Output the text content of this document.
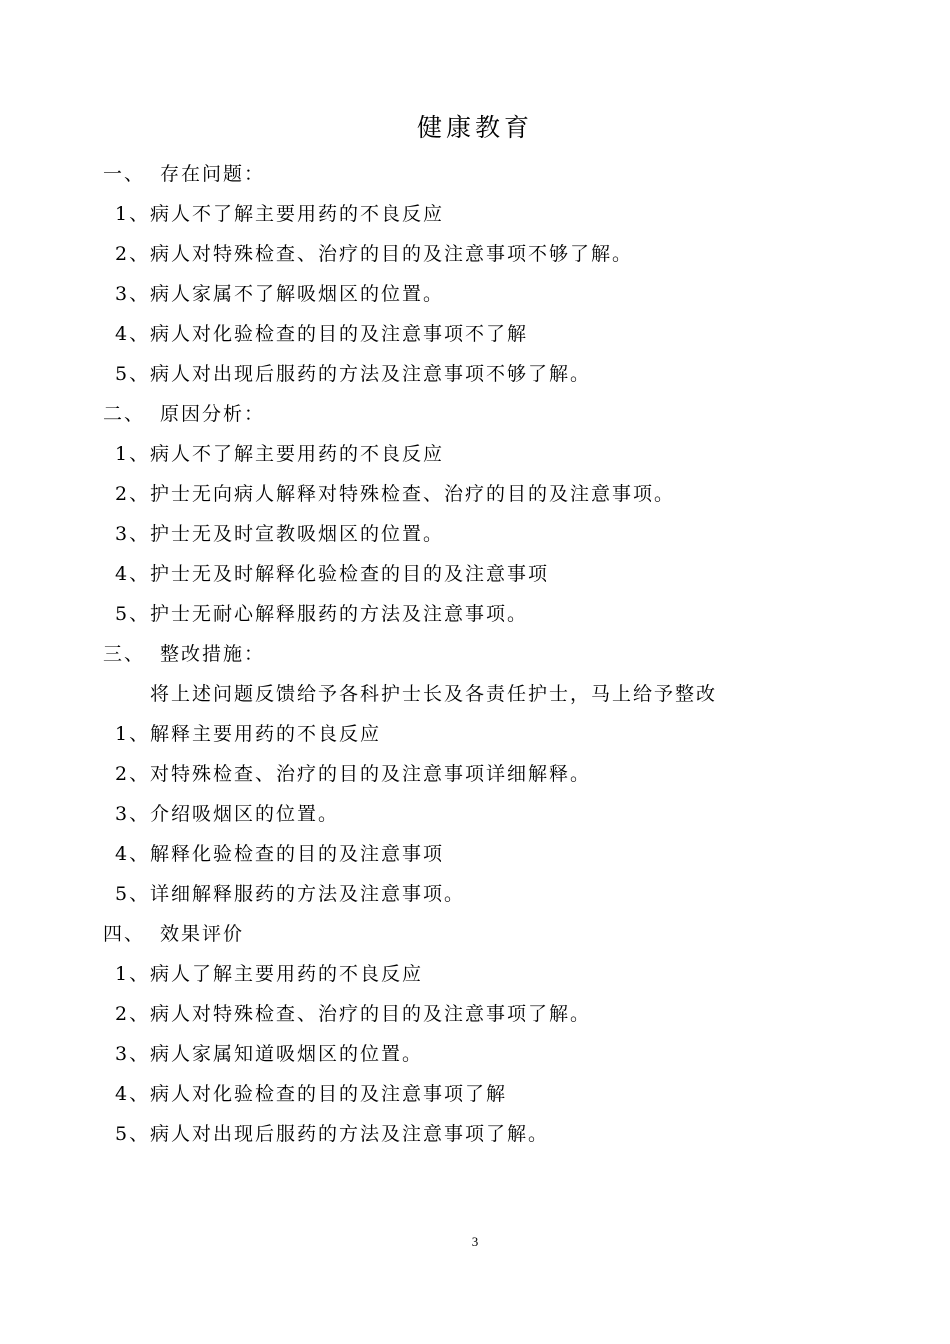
健康教育
一、 存在问题：
1、 病人不了解主要用药的不良反应
2、 病人对特殊检查、治疗的目的及注意事项不够了解。
3、 病人家属不了解吸烟区的位置。
4、 病人对化验检查的目的及注意事项不了解
5、 病人对出现后服药的方法及注意事项不够了解。
二、 原因分析：
1、 病人不了解主要用药的不良反应
2、 护士无向病人解释对特殊检查、治疗的目的及注意事项。
3、 护士无及时宣教吸烟区的位置。
4、 护士无及时解释化验检查的目的及注意事项
5、 护士无耐心解释服药的方法及注意事项。
三、 整改措施：
将上述问题反馈给予各科护士长及各责任护士，马上给予整改
1、 解释主要用药的不良反应
2、 对特殊检查、治疗的目的及注意事项详细解释。
3、 介绍吸烟区的位置。
4、 解释化验检查的目的及注意事项
5、 详细解释服药的方法及注意事项。
四、 效果评价
1、 病人了解主要用药的不良反应
2、 病人对特殊检查、治疗的目的及注意事项了解。
3、 病人家属知道吸烟区的位置。
4、 病人对化验检查的目的及注意事项了解
5、 病人对出现后服药的方法及注意事项了解。
3
